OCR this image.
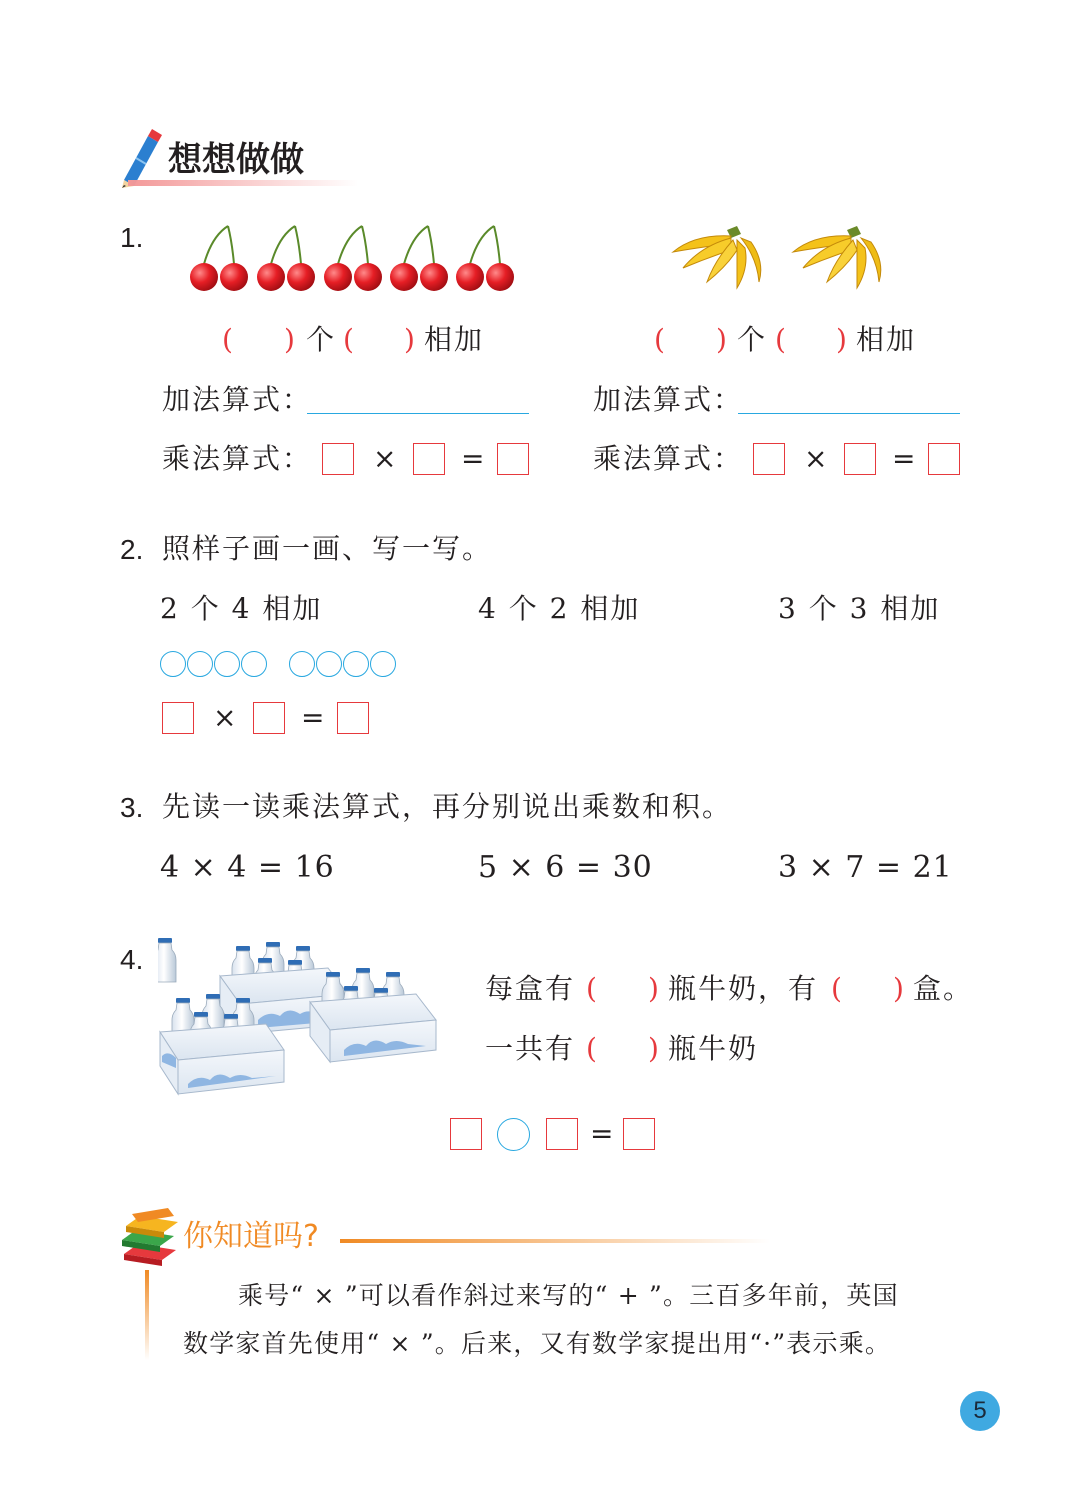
想想做做
1.
( ) 个 ( ) 相加
加法算式：
乘法算式： × =
( ) 个 ( ) 相加
加法算式：
乘法算式： × =
2. 照样子画一画、写一写。
2 个 4 相加	4 个 2 相加	3 个 3 相加
× =
3. 先读一读乘法算式，再分别说出乘数和积。
4 × 4 = 16	5 × 6 = 30	3 × 7 = 21
4.
每盒有 ( ) 瓶牛奶，有 ( ) 盒。
一共有 ( ) 瓶牛奶
=
你知道吗?
乘号“ × ”可以看作斜过来写的“ + ”。三百多年前，英国
数学家首先使用“ × ”。后来，又有数学家提出用“·”表示乘。
5
